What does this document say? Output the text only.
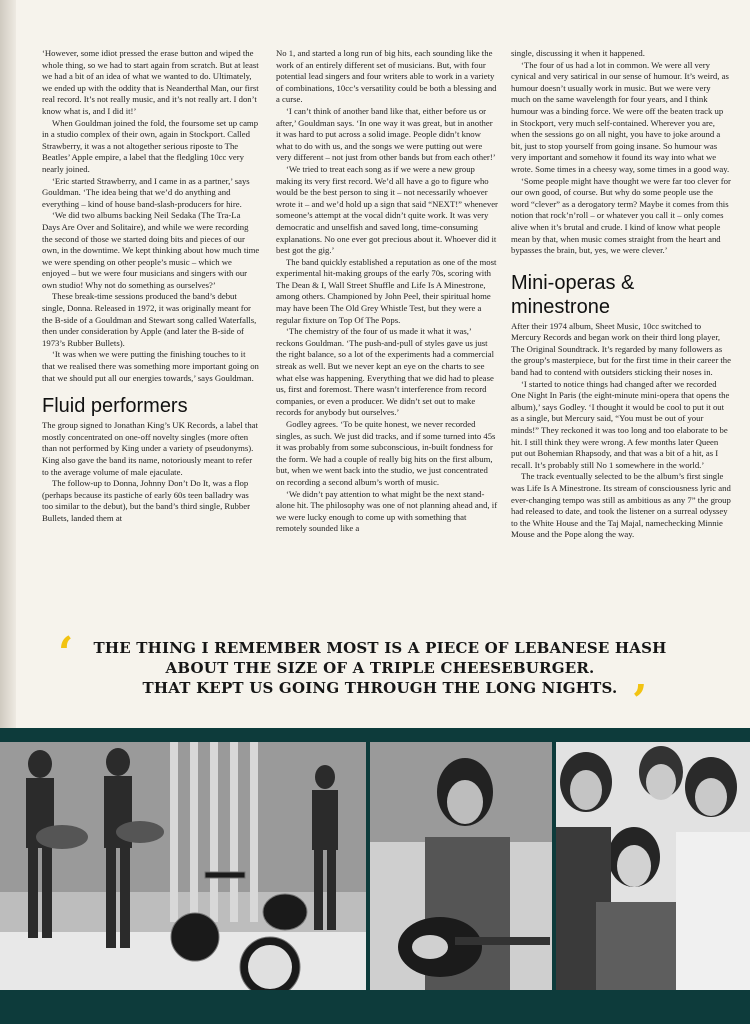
‘However, some idiot pressed the erase button and wiped the whole thing, so we had to start again from scratch. But at least we had a bit of an idea of what we wanted to do. Ultimately, we ended up with the oddity that is Neanderthal Man, our first real record. It’s not really music, and it’s not really art. I don’t know what is, and I did it!’

When Gouldman joined the fold, the foursome set up camp in a studio complex of their own, again in Stockport. Called Strawberry, it was a not altogether serious riposte to The Beatles’ Apple empire, a label that the fledgling 10cc very nearly joined.

‘Eric started Strawberry, and I came in as a partner,’ says Gouldman. ‘The idea being that we’d do anything and everything – kind of house band-slash-producers for hire.

‘We did two albums backing Neil Sedaka (The Tra-La Days Are Over and Solitaire), and while we were recording the second of those we started doing bits and pieces of our own, in the downtime. We kept thinking about how much time we were spending on other people’s music – which we enjoyed – but we were four musicians and singers with our own studio! Why not do something as ourselves?’

These break-time sessions produced the band’s debut single, Donna. Released in 1972, it was originally meant for the B-side of a Gouldman and Stewart song called Waterfalls, then under consideration by Apple (and later the B-side of 1973’s Rubber Bullets).

‘It was when we were putting the finishing touches to it that we realised there was something more important going on that we should put all our energies towards,’ says Gouldman.

Fluid performers

The group signed to Jonathan King’s UK Records, a label that mostly concentrated on one-off novelty singles (more often than not performed by King under a variety of pseudonyms). King also gave the band its name, notoriously meant to refer to the average volume of male ejaculate.

The follow-up to Donna, Johnny Don’t Do It, was a flop (perhaps because its pastiche of early 60s teen balladry was too similar to the debut), but the band’s third single, Rubber Bullets, landed them at

No 1, and started a long run of big hits, each sounding like the work of an entirely different set of musicians. But, with four potential lead singers and four writers able to work in a variety of combinations, 10cc’s versatility could be both a blessing and a curse.

‘I can’t think of another band like that, either before us or after,’ Gouldman says. ‘In one way it was great, but in another it was hard to put across a solid image. People didn’t know what to do with us, and the songs we were putting out were very different – not just from other bands but from each other!’

‘We tried to treat each song as if we were a new group making its very first record. We’d all have a go to figure who would be the best person to sing it – not necessarily whoever wrote it – and we’d hold up a sign that said “NEXT!” whenever someone’s attempt at the vocal didn’t quite work. It was very democratic and unselfish and saved long, time-consuming explanations. No one ever got precious about it. Whoever did it best got the gig.’

The band quickly established a reputation as one of the most experimental hit-making groups of the early 70s, scoring with The Dean & I, Wall Street Shuffle and Life Is A Minestrone, among others. Championed by John Peel, their spiritual home may have been The Old Grey Whistle Test, but they were a regular fixture on Top Of The Pops.

‘The chemistry of the four of us made it what it was,’ reckons Gouldman. ‘The push-and-pull of styles gave us just the right balance, so a lot of the experiments had a commercial streak as well. But we never kept an eye on the charts to see what else was happening. Everything that we did had to please us, first and foremost. There wasn’t interference from record companies, or even a producer. We didn’t set out to make records for anybody but ourselves.’

Godley agrees. ‘To be quite honest, we never recorded singles, as such. We just did tracks, and if some turned into 45s it was probably from some subconscious, in-built fondness for the form. We had a couple of really big hits on the first album, but, when we went back into the studio, we just concentrated on recording a second album’s worth of music.

‘We didn’t pay attention to what might be the next stand-alone hit. The philosophy was one of not planning ahead and, if we were lucky enough to come up with something that remotely sounded like a

single, discussing it when it happened.

‘The four of us had a lot in common. We were all very cynical and very satirical in our sense of humour. It’s weird, as humour doesn’t usually work in music. But we were very much on the same wavelength for four years, and I think humour was a binding force. We were off the beaten track up in Stockport, very much self-contained. Wherever you are, when the sessions go on all night, you have to joke around a bit, just to stop yourself from going insane. So humour was very important and somehow it found its way into what we wrote. Some times in a cheesy way, some times in a good way.

‘Some people might have thought we were far too clever for our own good, of course. But why do some people use the word “clever” as a derogatory term? Maybe it comes from this notion that rock’n’roll – or whatever you call it – only comes alive when it’s brutal and crude. I kind of know what people mean by that, when music comes straight from the heart and bypasses the brain, but, yes, we were clever.’

Mini-operas & minestrone

After their 1974 album, Sheet Music, 10cc switched to Mercury Records and began work on their third long player, The Original Soundtrack. It’s regarded by many followers as the group’s masterpiece, but for the first time in their career the band had to contend with outsiders sticking their noses in.

‘I started to notice things had changed after we recorded One Night In Paris (the eight-minute mini-opera that opens the album),’ says Godley. ‘I thought it would be cool to put it out as a single, but Mercury said, “You must be out of your minds!” They reckoned it was too long and too elaborate to be hit. I still think they were wrong. A few months later Queen put out Bohemian Rhapsody, and that was a bit of a hit, as I recall. It’s probably still No 1 somewhere in the world.’

The track eventually selected to be the album’s first single was Life Is A Minestrone. Its stream of consciousness lyric and ever-changing tempo was still as ambitious as any 7” the group had released to date, and took the listener on a surreal odyssey to the White House and the Taj Majal, namechecking Minnie Mouse and the Pope along the way.

‘	THE THING I REMEMBER MOST IS A PIECE OF LEBANESE HASH
ABOUT THE SIZE OF A TRIPLE CHEESEBURGER.
THAT KEPT US GOING THROUGH THE LONG NIGHTS. ’
